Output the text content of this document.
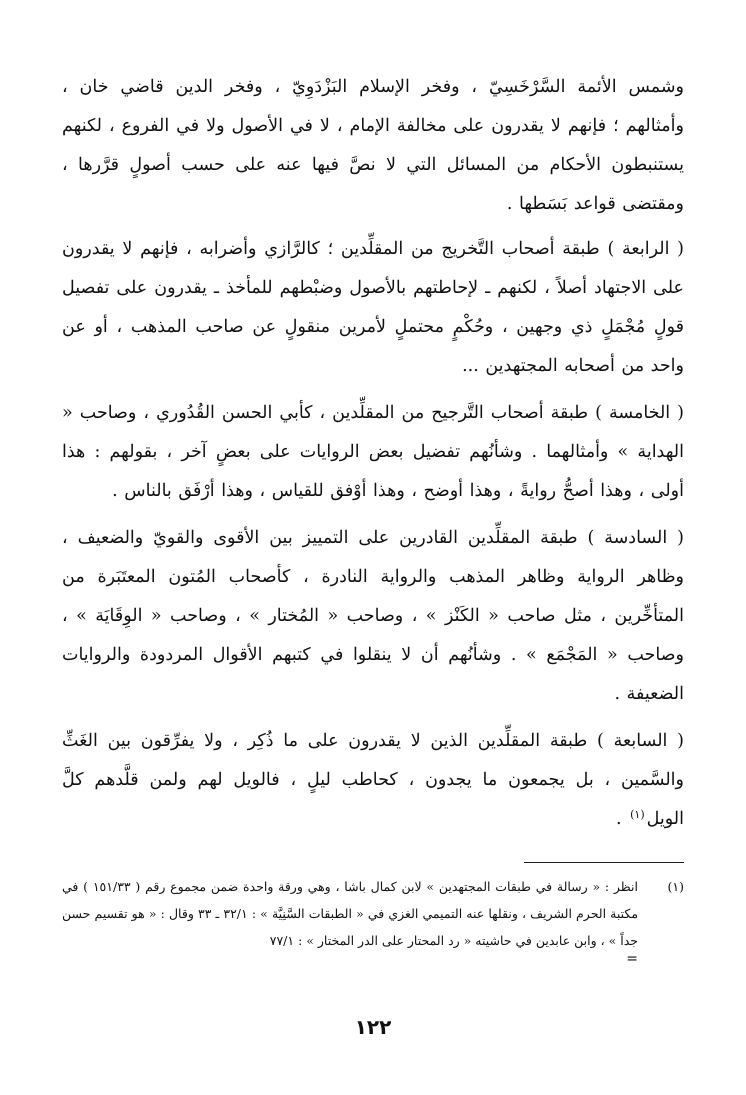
وشمس الأئمة السَّرْخَسِيّ ، وفخر الإسلام البَزْدَوِيّ ، وفخر الدين قاضي خان ، وأمثالهم ؛ فإنهم لا يقدرون على مخالفة الإمام ، لا في الأصول ولا في الفروع ، لكنهم يستنبطون الأحكام من المسائل التي لا نصَّ فيها عنه على حسب أصولٍ قرَّرها ، ومقتضى قواعد بَسَطها .

( الرابعة ) طبقة أصحاب التَّخريج من المقلِّدين ؛ كالرَّازي وأضرابه ، فإنهم لا يقدرون على الاجتهاد أصلاً ، لكنهم ـ لإحاطتهم بالأصول وضبْطهم للمأخذ ـ يقدرون على تفصيل قولٍ مُجْمَلٍ ذي وجهين ، وحُكْمٍ محتملٍ لأمرين منقولٍ عن صاحب المذهب ، أو عن واحد من أصحابه المجتهدين ...

( الخامسة ) طبقة أصحاب التَّرجيح من المقلِّدين ، كأبي الحسن القُدُوري ، وصاحب « الهداية » وأمثالهما . وشأنُهم تفضيل بعض الروايات على بعضٍ آخر ، بقولهم : هذا أولى ، وهذا أصحُّ روايةً ، وهذا أوضح ، وهذا أوْفق للقياس ، وهذا أرْفَق بالناس .

( السادسة ) طبقة المقلِّدين القادرين على التمييز بين الأقوى والقويّ والضعيف ، وظاهر الرواية وظاهر المذهب والرواية النادرة ، كأصحاب المُتون المعتَبَرة من المتأخِّرين ، مثل صاحب « الكَنْز » ، وصاحب « المُختار » ، وصاحب « الوِقَايَة » ، وصاحب « المَجْمَع » . وشأنُهم أن لا ينقلوا في كتبهم الأقوال المردودة والروايات الضعيفة .

( السابعة ) طبقة المقلِّدين الذين لا يقدرون على ما ذُكِر ، ولا يفرِّقون بين الغَثِّ والسَّمين ، بل يجمعون ما يجدون ، كحاطب ليلٍ ، فالويل لهم ولمن قلَّدهم كلَّ الويل$^{(١)}$ .

(١)
انظر : « رسالة في طبقات المجتهدين » لابن كمال باشا ، وهي ورقة واحدة ضمن مجموع رقم ( ١٥١/٣٣ ) في مكتبة الحرم الشريف ، ونقلها عنه التميمي الغزي في « الطبقات السَّنِيَّة » : ٣٢/١ ـ ٣٣ وقال : « هو تقسيم حسن جداً » ، وابن عابدين في حاشيته « رد المحتار على الدر المختار » : ٧٧/١
=
١٢٢
